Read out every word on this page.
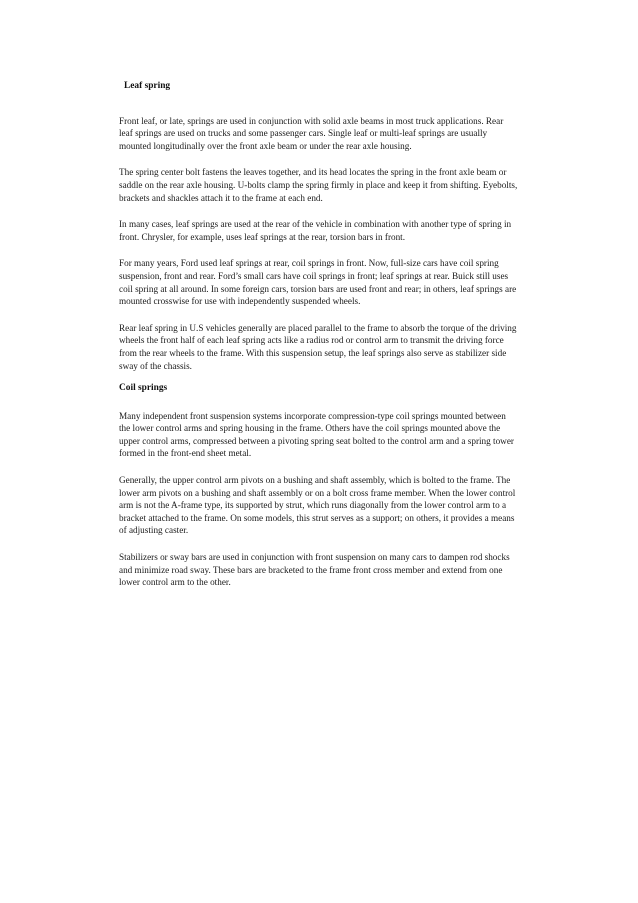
Leaf spring

Front leaf, or late, springs are used in conjunction with solid axle beams in most truck applications. Rear leaf springs are used on trucks and some passenger cars. Single leaf or multi-leaf springs are usually mounted longitudinally over the front axle beam or under the rear axle housing.

The spring center bolt fastens the leaves together, and its head locates the spring in the front axle beam or saddle on the rear axle housing. U-bolts clamp the spring firmly in place and keep it from shifting. Eyebolts, brackets and shackles attach it to the frame at each end.

In many cases, leaf springs are used at the rear of the vehicle in combination with another type of spring in front. Chrysler, for example, uses leaf springs at the rear, torsion bars in front.

For many years, Ford used leaf springs at rear, coil springs in front. Now, full-size cars have coil spring suspension, front and rear. Ford’s small cars have coil springs in front; leaf springs at rear. Buick still uses coil spring at all around. In some foreign cars, torsion bars are used front and rear; in others, leaf springs are mounted crosswise for use with independently suspended wheels.

Rear leaf spring in U.S vehicles generally are placed parallel to the frame to absorb the torque of the driving wheels the front half of each leaf spring acts like a radius rod or control arm to transmit the driving force from the rear wheels to the frame. With this suspension setup, the leaf springs also serve as stabilizer side sway of the chassis.

Coil springs

Many independent front suspension systems incorporate compression-type coil springs mounted between the lower control arms and spring housing in the frame. Others have the coil springs mounted above the upper control arms, compressed between a pivoting spring seat bolted to the control arm and a spring tower formed in the front-end sheet metal.

Generally, the upper control arm pivots on a bushing and shaft assembly, which is bolted to the frame. The lower arm pivots on a bushing and shaft assembly or on a bolt cross frame member. When the lower control arm is not the A-frame type, its supported by strut, which runs diagonally from the lower control arm to a bracket attached to the frame. On some models, this strut serves as a support; on others, it provides a means of adjusting caster.

Stabilizers or sway bars are used in conjunction with front suspension on many cars to dampen rod shocks and minimize road sway. These bars are bracketed to the frame front cross member and extend from one lower control arm to the other.
